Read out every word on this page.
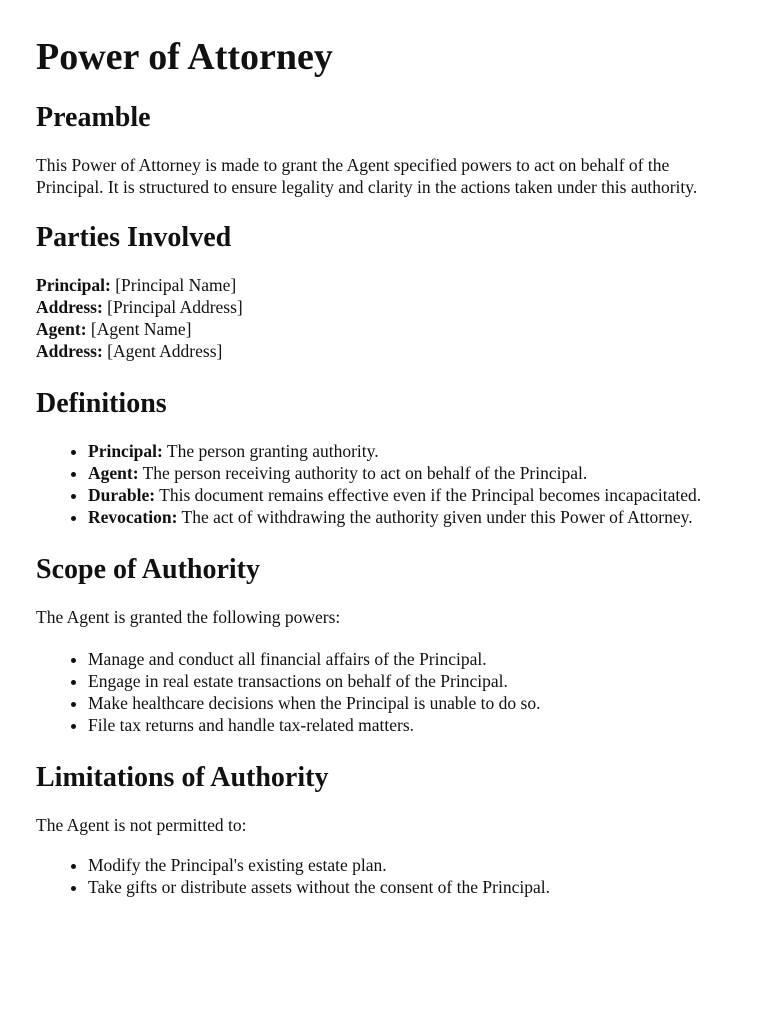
Power of Attorney
Preamble

This Power of Attorney is made to grant the Agent specified powers to act on behalf of the Principal. It is structured to ensure legality and clarity in the actions taken under this authority.

Parties Involved
Principal: [Principal Name]
Address: [Principal Address]
Agent: [Agent Name]
Address: [Agent Address]
Definitions
• Principal: The person granting authority.
• Agent: The person receiving authority to act on behalf of the Principal.
• Durable: This document remains effective even if the Principal becomes incapacitated.
• Revocation: The act of withdrawing the authority given under this Power of Attorney.
Scope of Authority

The Agent is granted the following powers:

• Manage and conduct all financial affairs of the Principal.
• Engage in real estate transactions on behalf of the Principal.
• Make healthcare decisions when the Principal is unable to do so.
• File tax returns and handle tax-related matters.
Limitations of Authority

The Agent is not permitted to:

• Modify the Principal's existing estate plan.
• Take gifts or distribute assets without the consent of the Principal.
